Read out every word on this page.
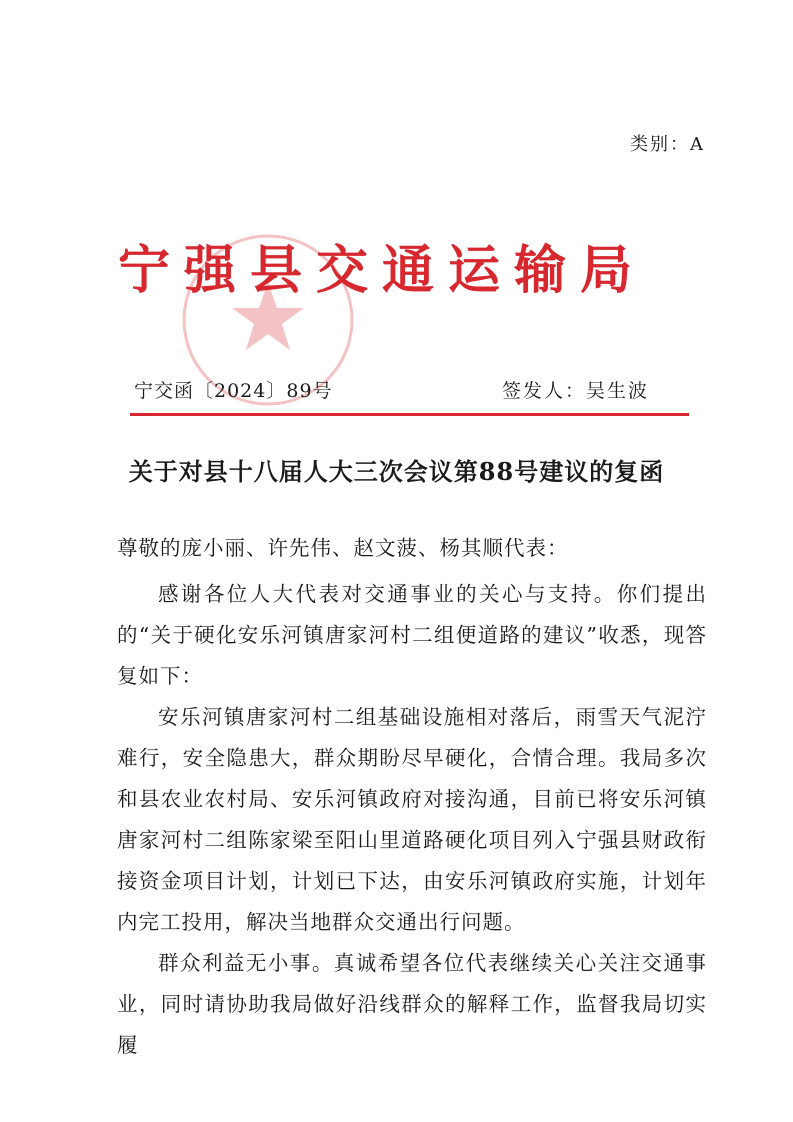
类别：A
宁强县交通运输局
宁交函〔2024〕89号	签发人：吴生波
关于对县十八届人大三次会议第88号建议的复函

尊敬的庞小丽、许先伟、赵文菠、杨其顺代表：

感谢各位人大代表对交通事业的关心与支持。你们提出的“关于硬化安乐河镇唐家河村二组便道路的建议”收悉，现答复如下：

安乐河镇唐家河村二组基础设施相对落后，雨雪天气泥泞难行，安全隐患大，群众期盼尽早硬化，合情合理。我局多次和县农业农村局、安乐河镇政府对接沟通，目前已将安乐河镇唐家河村二组陈家梁至阳山里道路硬化项目列入宁强县财政衔接资金项目计划，计划已下达，由安乐河镇政府实施，计划年内完工投用，解决当地群众交通出行问题。

群众利益无小事。真诚希望各位代表继续关心关注交通事业，同时请协助我局做好沿线群众的解释工作，监督我局切实履
